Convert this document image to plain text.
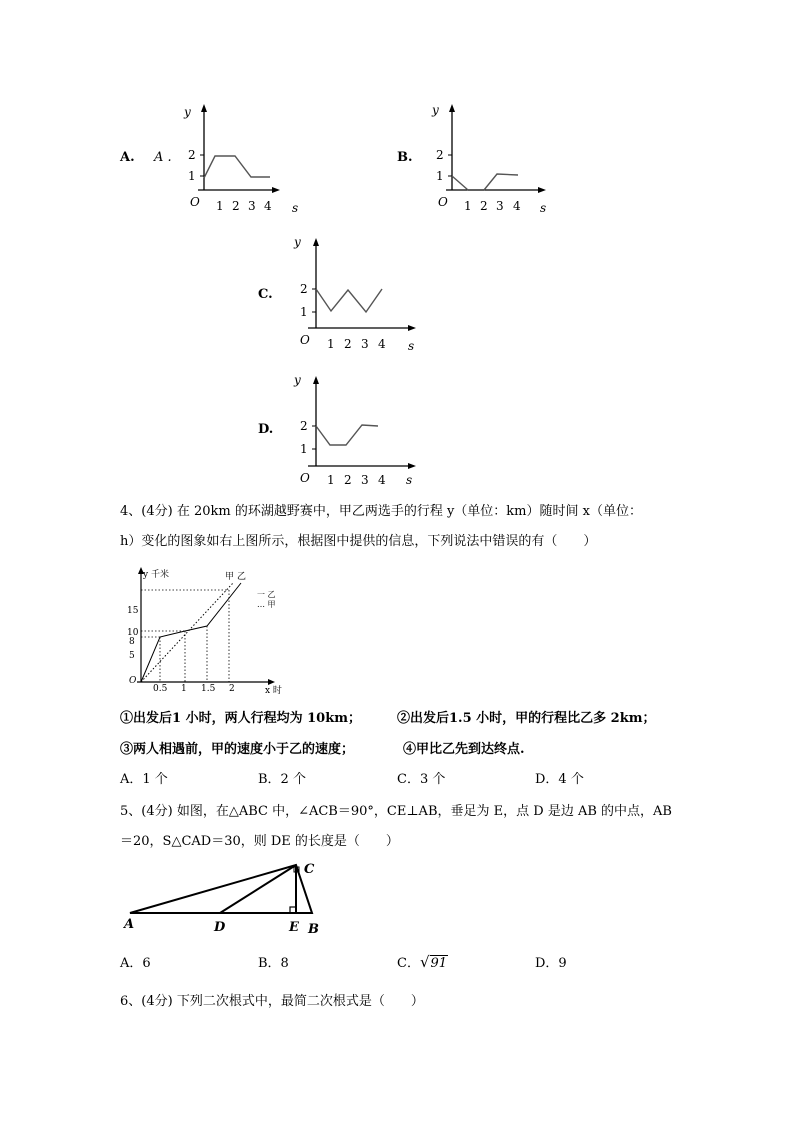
A. A .
y
2
1
O 1 2 3 4 s
B.
y
2
1
O 1 2 3 4 s
C.
y
2
1
O 1 2 3 4 s
D.
y
2
1
O 1 2 3 4 s
4、(4分) 在 20km 的环湖越野赛中，甲乙两选手的行程 y（单位：km）随时间 x（单位：
h）变化的图象如右上图所示，根据图中提供的信息，下列说法中错误的有（　　）
y 千米
x 时
15
10
8
5
O
0.5 1 1.5 2
甲 乙
一 乙
… 甲
①出发后1 小时，两人行程均为 10km；	②出发后1.5 小时，甲的行程比乙多 2km；
③两人相遇前，甲的速度小于乙的速度；	④甲比乙先到达终点.
A．1 个	B．2 个	C．3 个	D．4 个
5、(4分) 如图，在△ABC 中，∠ACB＝90°，CE⊥AB，垂足为 E，点 D 是边 AB 的中点，AB
＝20，S△CAD＝30，则 DE 的长度是（　　）
A	D	E B
C
A．6	B．8	C．√91	D．9
6、(4分) 下列二次根式中，最简二次根式是（　　）
